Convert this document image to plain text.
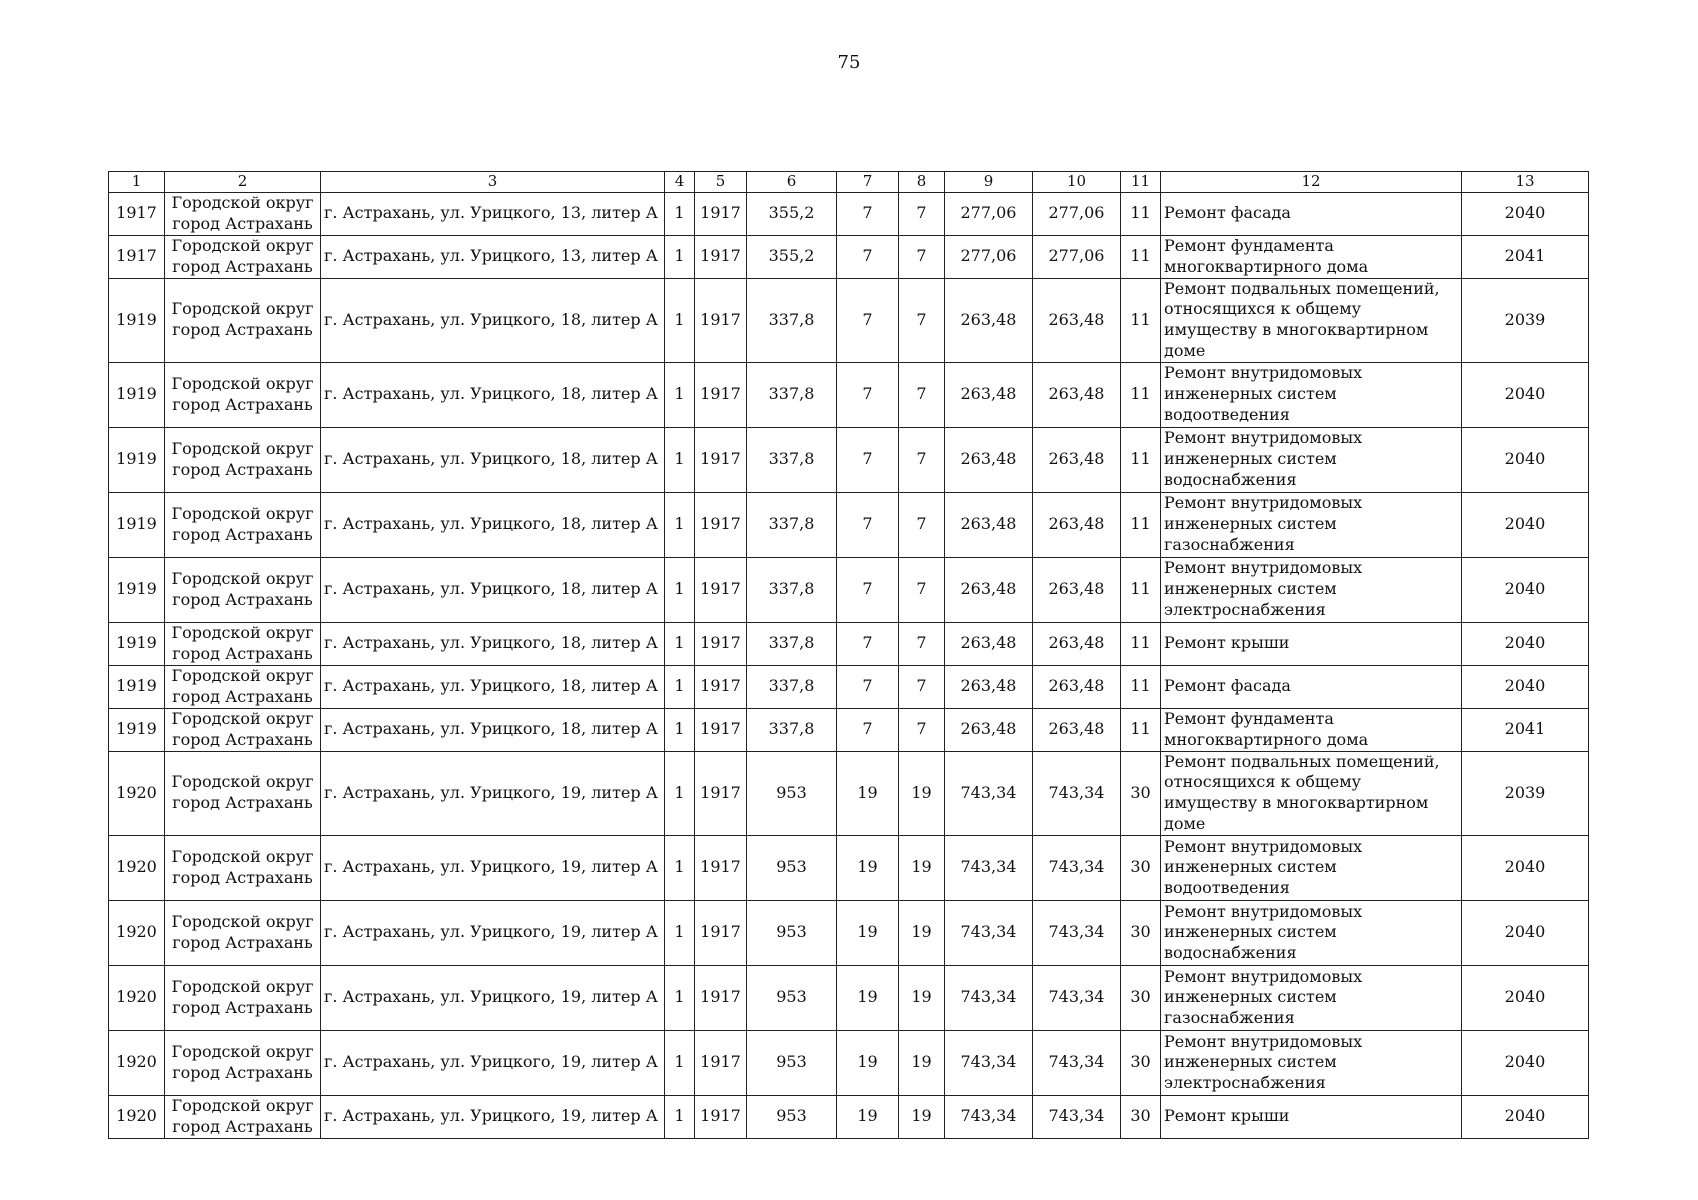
75
1	2	3	4	5	6	7	8	9	10	11	12	13
1917	Городской округ город Астрахань	г. Астрахань, ул. Урицкого, 13, литер А	1	1917	355,2	7	7	277,06	277,06	11	Ремонт фасада	2040
1917	Городской округ город Астрахань	г. Астрахань, ул. Урицкого, 13, литер А	1	1917	355,2	7	7	277,06	277,06	11	Ремонт фундамента многоквартирного дома	2041
1919	Городской округ город Астрахань	г. Астрахань, ул. Урицкого, 18, литер А	1	1917	337,8	7	7	263,48	263,48	11	Ремонт подвальных помещений, относящихся к общему имуществу в многоквартирном доме	2039
1919	Городской округ город Астрахань	г. Астрахань, ул. Урицкого, 18, литер А	1	1917	337,8	7	7	263,48	263,48	11	Ремонт внутридомовых инженерных систем водоотведения	2040
1919	Городской округ город Астрахань	г. Астрахань, ул. Урицкого, 18, литер А	1	1917	337,8	7	7	263,48	263,48	11	Ремонт внутридомовых инженерных систем водоснабжения	2040
1919	Городской округ город Астрахань	г. Астрахань, ул. Урицкого, 18, литер А	1	1917	337,8	7	7	263,48	263,48	11	Ремонт внутридомовых инженерных систем газоснабжения	2040
1919	Городской округ город Астрахань	г. Астрахань, ул. Урицкого, 18, литер А	1	1917	337,8	7	7	263,48	263,48	11	Ремонт внутридомовых инженерных систем электроснабжения	2040
1919	Городской округ город Астрахань	г. Астрахань, ул. Урицкого, 18, литер А	1	1917	337,8	7	7	263,48	263,48	11	Ремонт крыши	2040
1919	Городской округ город Астрахань	г. Астрахань, ул. Урицкого, 18, литер А	1	1917	337,8	7	7	263,48	263,48	11	Ремонт фасада	2040
1919	Городской округ город Астрахань	г. Астрахань, ул. Урицкого, 18, литер А	1	1917	337,8	7	7	263,48	263,48	11	Ремонт фундамента многоквартирного дома	2041
1920	Городской округ город Астрахань	г. Астрахань, ул. Урицкого, 19, литер А	1	1917	953	19	19	743,34	743,34	30	Ремонт подвальных помещений, относящихся к общему имуществу в многоквартирном доме	2039
1920	Городской округ город Астрахань	г. Астрахань, ул. Урицкого, 19, литер А	1	1917	953	19	19	743,34	743,34	30	Ремонт внутридомовых инженерных систем водоотведения	2040
1920	Городской округ город Астрахань	г. Астрахань, ул. Урицкого, 19, литер А	1	1917	953	19	19	743,34	743,34	30	Ремонт внутридомовых инженерных систем водоснабжения	2040
1920	Городской округ город Астрахань	г. Астрахань, ул. Урицкого, 19, литер А	1	1917	953	19	19	743,34	743,34	30	Ремонт внутридомовых инженерных систем газоснабжения	2040
1920	Городской округ город Астрахань	г. Астрахань, ул. Урицкого, 19, литер А	1	1917	953	19	19	743,34	743,34	30	Ремонт внутридомовых инженерных систем электроснабжения	2040
1920	Городской округ город Астрахань	г. Астрахань, ул. Урицкого, 19, литер А	1	1917	953	19	19	743,34	743,34	30	Ремонт крыши	2040
